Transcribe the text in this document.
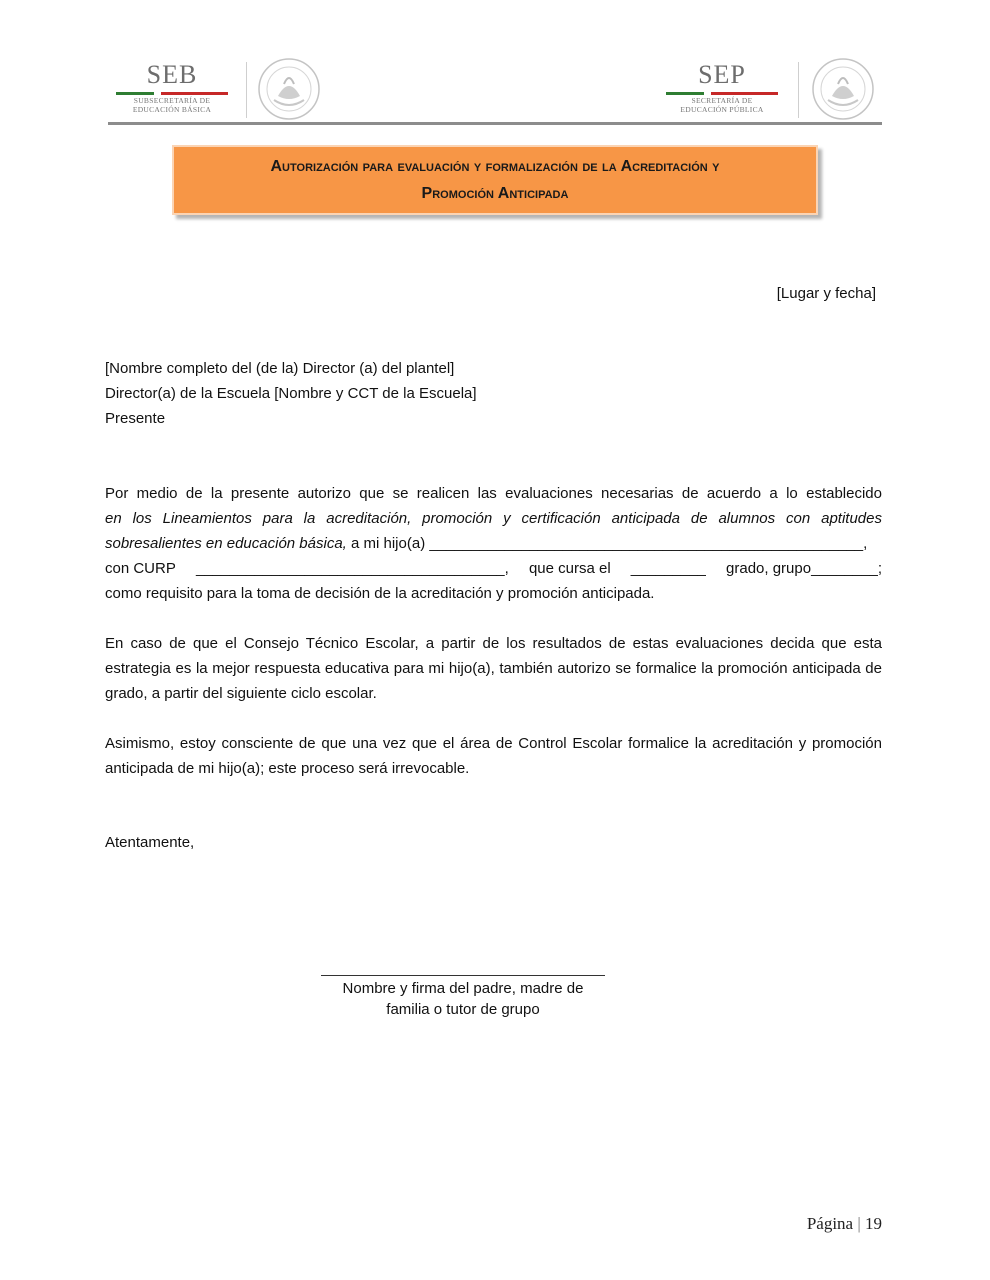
SEB
SUBSECRETARÍA DE
EDUCACIÓN BÁSICA
SEP
SECRETARÍA DE
EDUCACIÓN PÚBLICA

Autorización para evaluación y formalización de la Acreditación y
Promoción Anticipada

[Lugar y fecha]
[Nombre completo del (de la) Director (a) del plantel]
Director(a) de la Escuela [Nombre y CCT de la Escuela]
Presente
Por medio de la presente autorizo que se realicen las evaluaciones necesarias de acuerdo a lo establecido
en los Lineamientos para la acreditación, promoción y certificación anticipada de alumnos con aptitudes sobresalientes en educación básica, a mi hijo(a) ____________________________________________________,
con CURP _____________________________________, que cursa el _________ grado, grupo________;
como requisito para la toma de decisión de la acreditación y promoción anticipada.
En caso de que el Consejo Técnico Escolar, a partir de los resultados de estas evaluaciones decida que esta estrategia es la mejor respuesta educativa para mi hijo(a), también autorizo se formalice la promoción anticipada de grado, a partir del siguiente ciclo escolar.
Asimismo, estoy consciente de que una vez que el área de Control Escolar formalice la acreditación y promoción anticipada de mi hijo(a); este proceso será irrevocable.
Atentamente,
Nombre y firma del padre, madre de
familia o tutor de grupo
Página | 19
